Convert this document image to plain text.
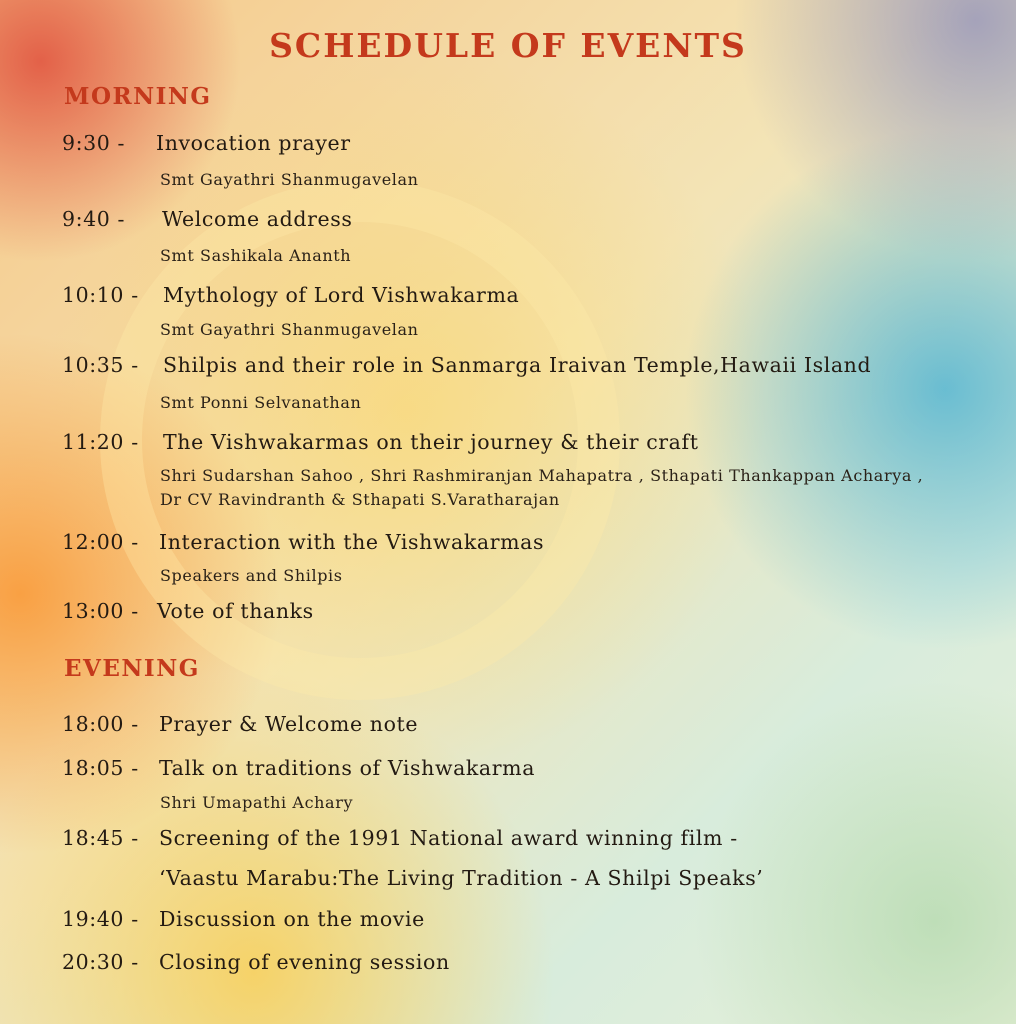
SCHEDULE OF EVENTS
MORNING
9:30 - Invocation prayer
Smt Gayathri Shanmugavelan
9:40 - Welcome address
Smt Sashikala Ananth
10:10 - Mythology of Lord Vishwakarma
Smt Gayathri Shanmugavelan
10:35 - Shilpis and their role in Sanmarga Iraivan Temple,Hawaii Island
Smt Ponni Selvanathan
11:20 - The Vishwakarmas on their journey & their craft
Shri Sudarshan Sahoo , Shri Rashmiranjan Mahapatra , Sthapati Thankappan Acharya , Dr CV Ravindranth & Sthapati S.Varatharajan
12:00 - Interaction with the Vishwakarmas
Speakers and Shilpis
13:00 - Vote of thanks
EVENING
18:00 - Prayer & Welcome note
18:05 - Talk on traditions of Vishwakarma
Shri Umapathi Achary
18:45 - Screening of the 1991 National award winning film -
‘Vaastu Marabu:The Living Tradition - A Shilpi Speaks’
19:40 - Discussion on the movie
20:30 - Closing of evening session
